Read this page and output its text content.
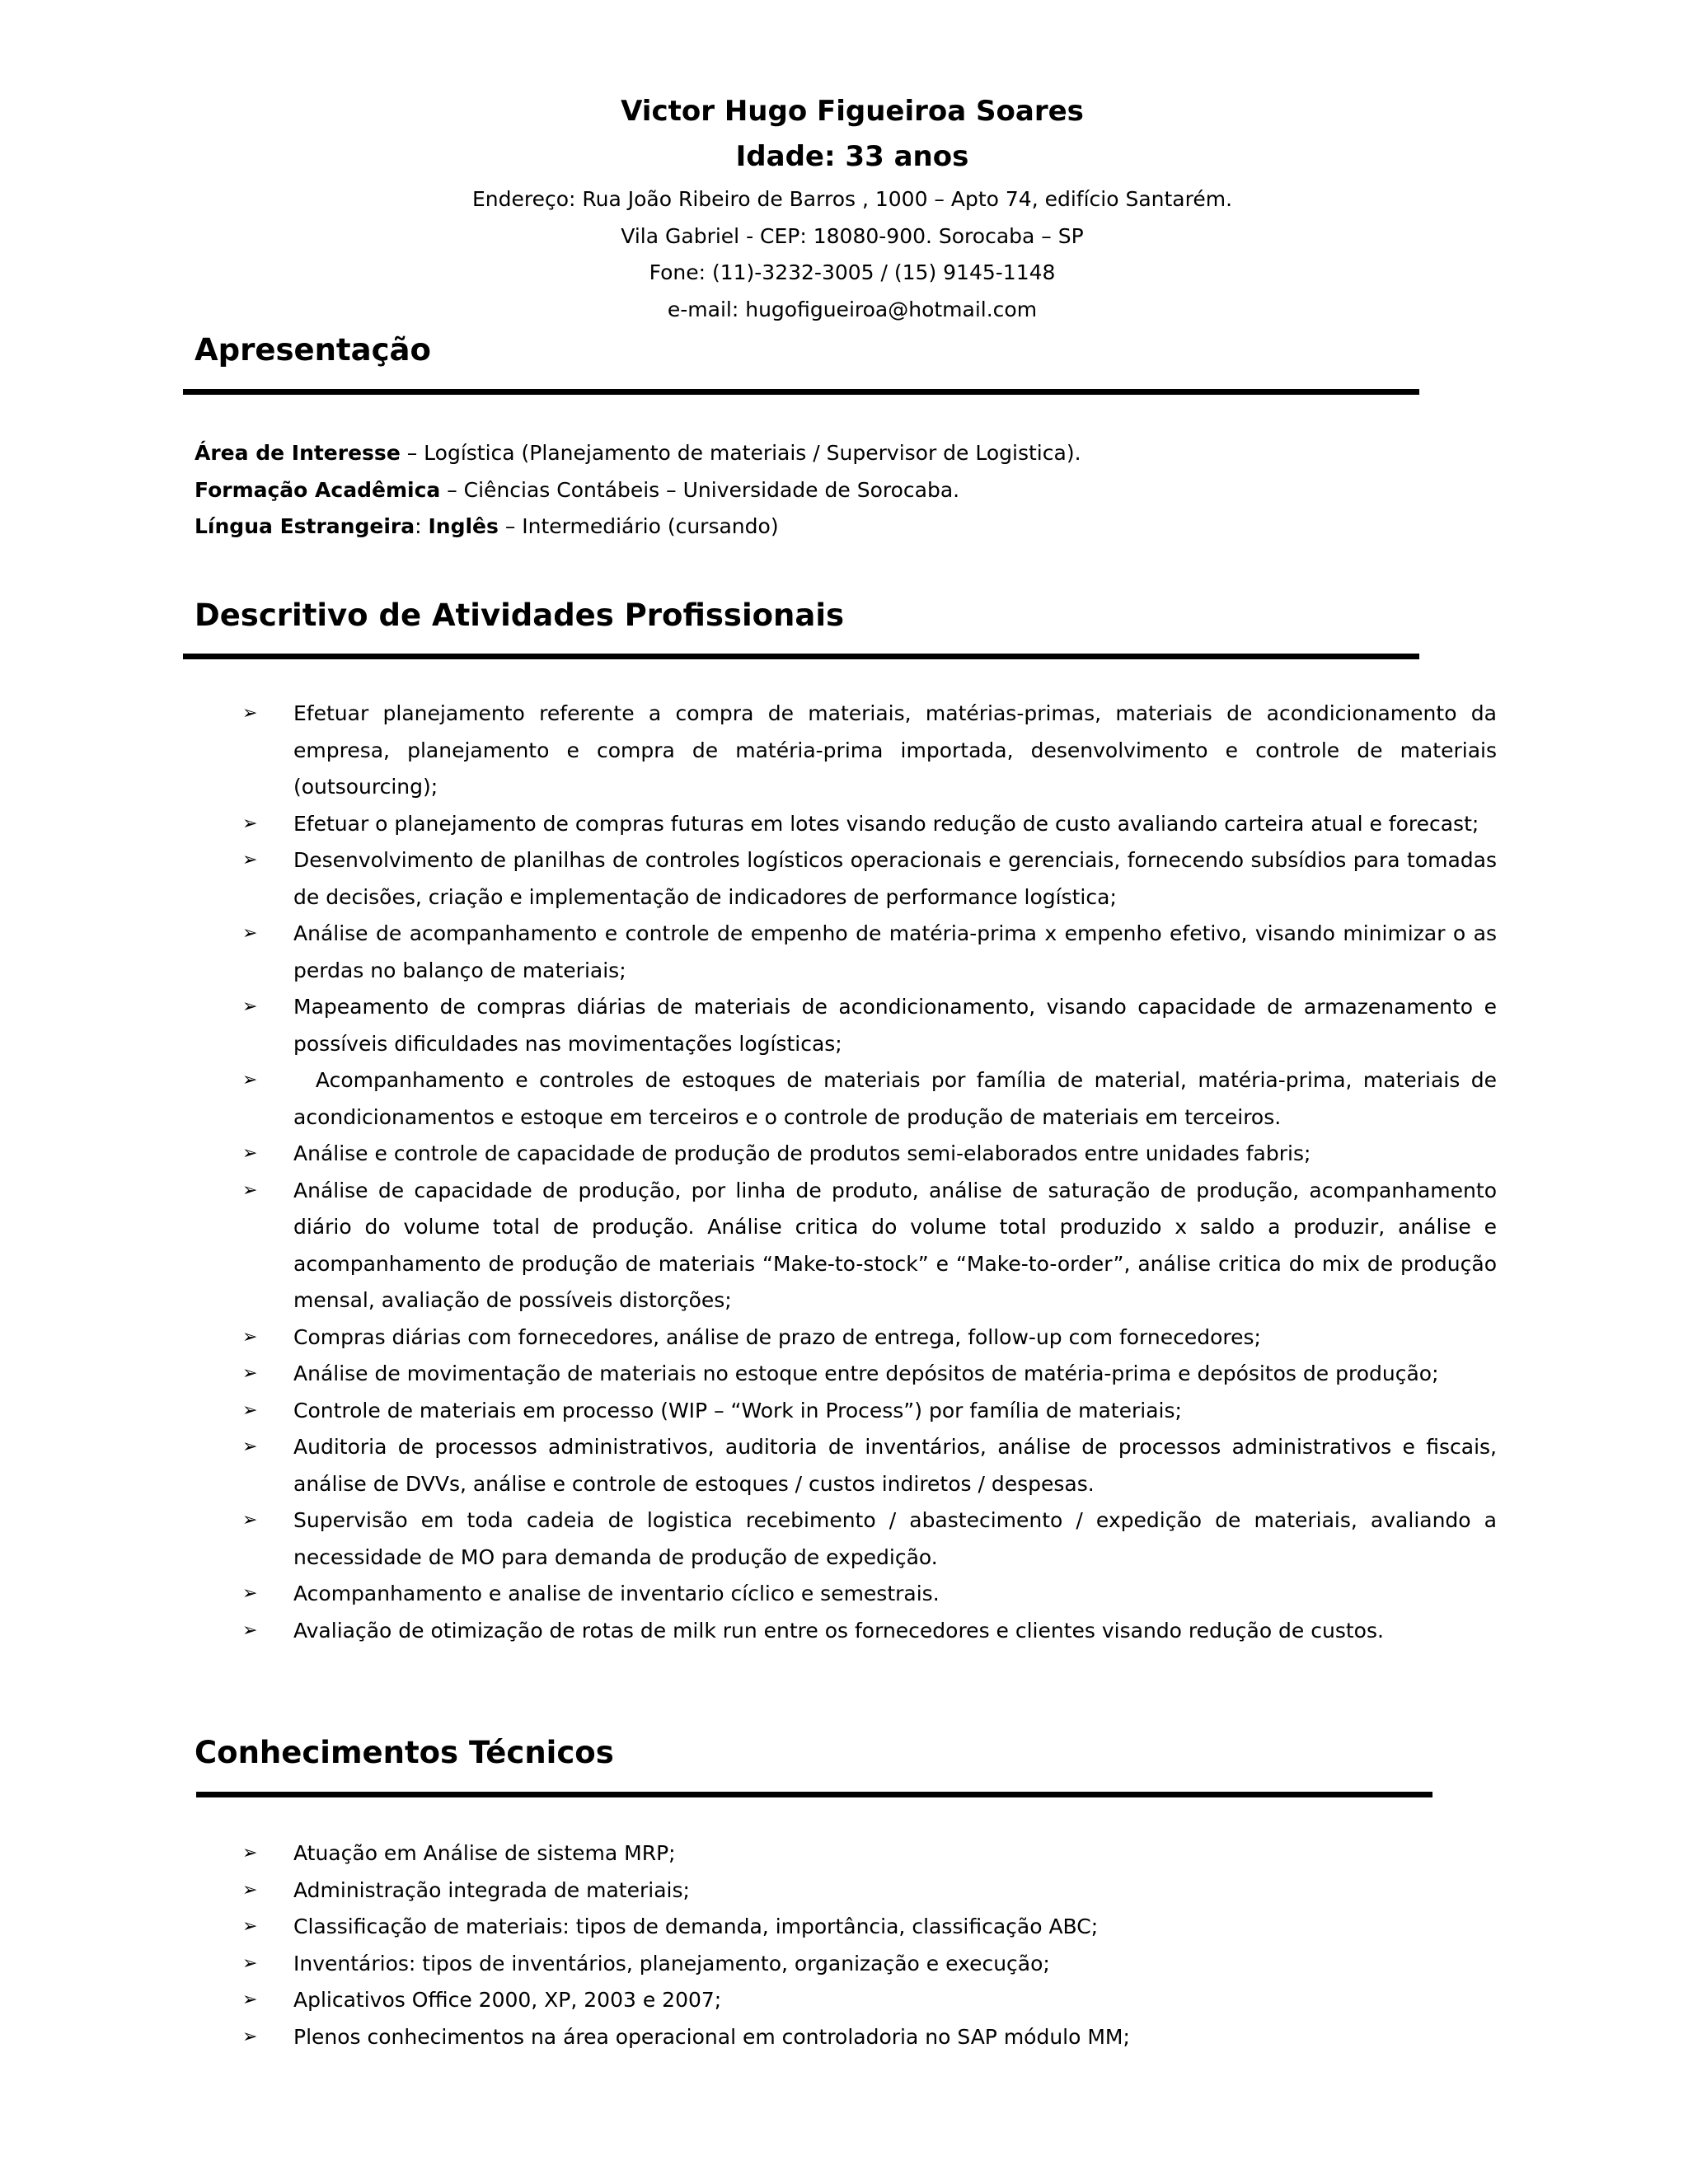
Victor Hugo Figueiroa Soares
Idade: 33 anos
Endereço: Rua João Ribeiro de Barros , 1000 – Apto 74, edifício Santarém.
Vila Gabriel - CEP: 18080-900. Sorocaba – SP
Fone: (11)-3232-3005 / (15) 9145-1148
e-mail: hugofigueiroa@hotmail.com
Apresentação
Área de Interesse – Logística (Planejamento de materiais / Supervisor de Logistica).
Formação Acadêmica – Ciências Contábeis – Universidade de Sorocaba.
Língua Estrangeira: Inglês – Intermediário (cursando)
Descritivo de Atividades Profissionais
➢ Efetuar planejamento referente a compra de materiais, matérias-primas, materiais de acondicionamento da empresa, planejamento e compra de matéria-prima importada, desenvolvimento e controle de materiais (outsourcing);
➢ Efetuar o planejamento de compras futuras em lotes visando redução de custo avaliando carteira atual e forecast;
➢ Desenvolvimento de planilhas de controles logísticos operacionais e gerenciais, fornecendo subsídios para tomadas de decisões, criação e implementação de indicadores de performance logística;
➢ Análise de acompanhamento e controle de empenho de matéria-prima x empenho efetivo, visando minimizar o as perdas no balanço de materiais;
➢ Mapeamento de compras diárias de materiais de acondicionamento, visando capacidade de armazenamento e possíveis dificuldades nas movimentações logísticas;
➢ Acompanhamento e controles de estoques de materiais por família de material, matéria-prima, materiais de acondicionamentos e estoque em terceiros e o controle de produção de materiais em terceiros.
➢ Análise e controle de capacidade de produção de produtos semi-elaborados entre unidades fabris;
➢ Análise de capacidade de produção, por linha de produto, análise de saturação de produção, acompanhamento diário do volume total de produção. Análise critica do volume total produzido x saldo a produzir, análise e acompanhamento de produção de materiais “Make-to-stock” e “Make-to-order”, análise critica do mix de produção mensal, avaliação de possíveis distorções;
➢ Compras diárias com fornecedores, análise de prazo de entrega, follow-up com fornecedores;
➢ Análise de movimentação de materiais no estoque entre depósitos de matéria-prima e depósitos de produção;
➢ Controle de materiais em processo (WIP – “Work in Process”) por família de materiais;
➢ Auditoria de processos administrativos, auditoria de inventários, análise de processos administrativos e fiscais, análise de DVVs, análise e controle de estoques / custos indiretos / despesas.
➢ Supervisão em toda cadeia de logistica recebimento / abastecimento / expedição de materiais, avaliando a necessidade de MO para demanda de produção de expedição.
➢ Acompanhamento e analise de inventario cíclico e semestrais.
➢ Avaliação de otimização de rotas de milk run entre os fornecedores e clientes visando redução de custos.
Conhecimentos Técnicos
➢ Atuação em Análise de sistema MRP;
➢ Administração integrada de materiais;
➢ Classificação de materiais: tipos de demanda, importância, classificação ABC;
➢ Inventários: tipos de inventários, planejamento, organização e execução;
➢ Aplicativos Office 2000, XP, 2003 e 2007;
➢ Plenos conhecimentos na área operacional em controladoria no SAP módulo MM;
